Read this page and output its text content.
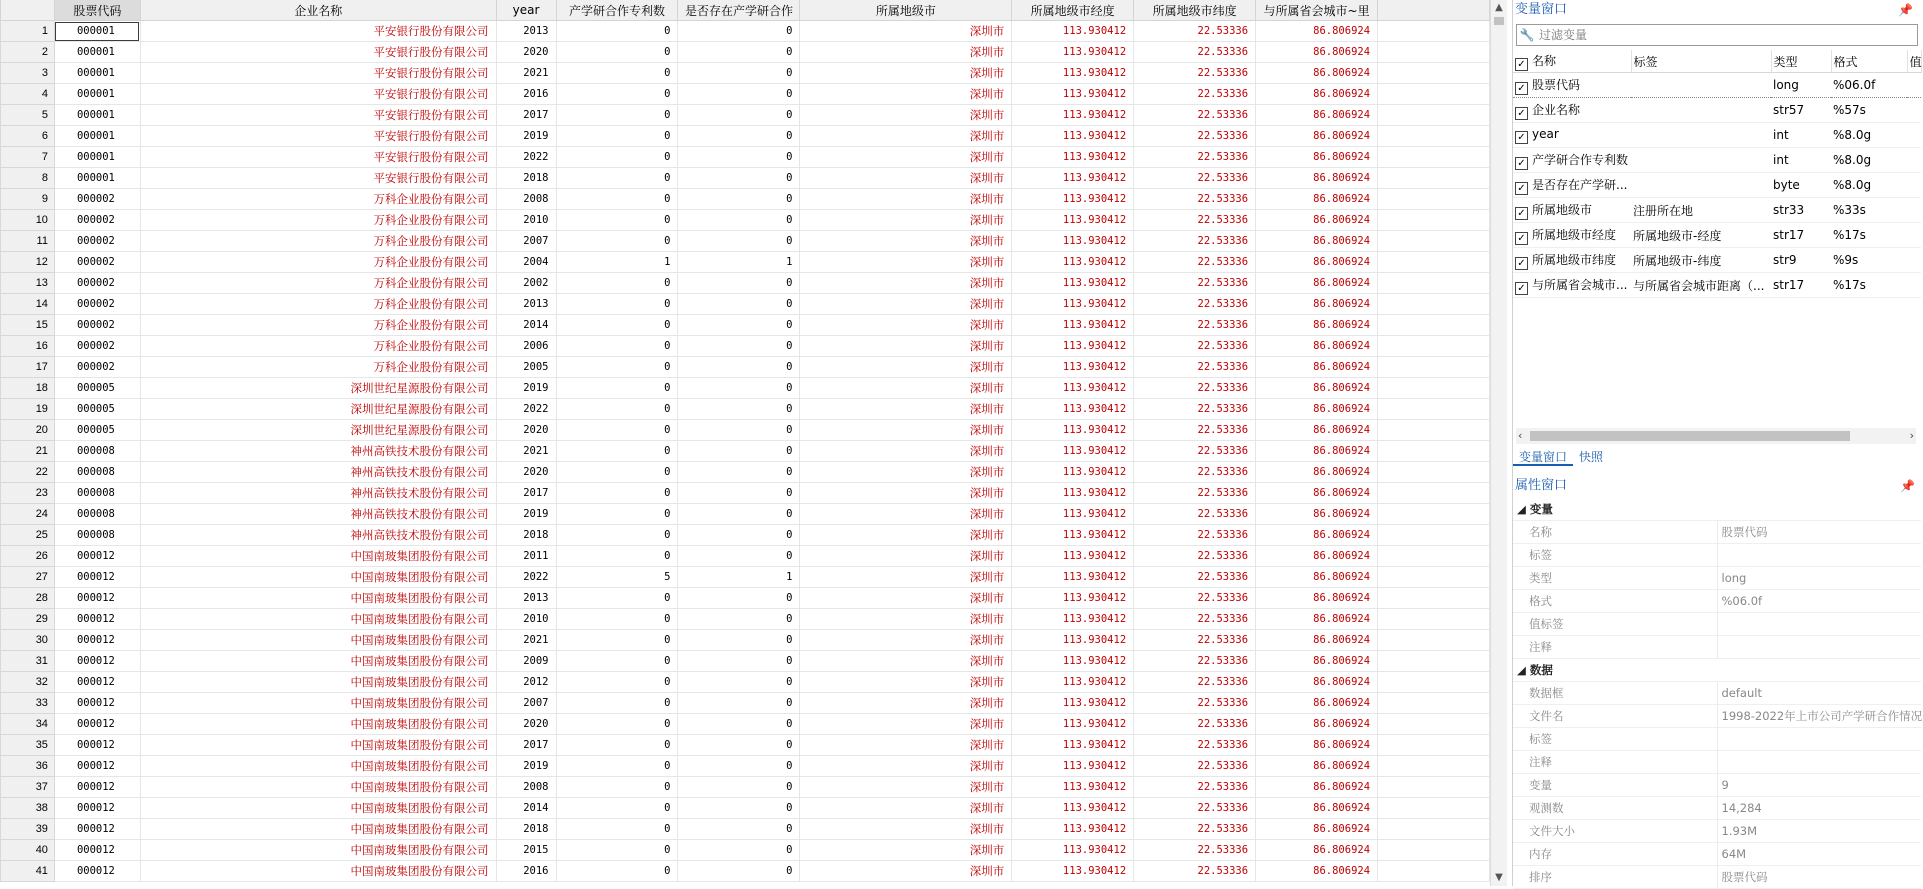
	股票代码	企业名称	year	产学研合作专利数	是否存在产学研合作	所属地级市	所属地级市经度	所属地级市纬度	与所属省会城市~里	
1	000001	平安银行股份有限公司	2013	0	0	深圳市	113.930412	22.53336	86.806924	
2	000001	平安银行股份有限公司	2020	0	0	深圳市	113.930412	22.53336	86.806924	
3	000001	平安银行股份有限公司	2021	0	0	深圳市	113.930412	22.53336	86.806924	
4	000001	平安银行股份有限公司	2016	0	0	深圳市	113.930412	22.53336	86.806924	
5	000001	平安银行股份有限公司	2017	0	0	深圳市	113.930412	22.53336	86.806924	
6	000001	平安银行股份有限公司	2019	0	0	深圳市	113.930412	22.53336	86.806924	
7	000001	平安银行股份有限公司	2022	0	0	深圳市	113.930412	22.53336	86.806924	
8	000001	平安银行股份有限公司	2018	0	0	深圳市	113.930412	22.53336	86.806924	
9	000002	万科企业股份有限公司	2008	0	0	深圳市	113.930412	22.53336	86.806924	
10	000002	万科企业股份有限公司	2010	0	0	深圳市	113.930412	22.53336	86.806924	
11	000002	万科企业股份有限公司	2007	0	0	深圳市	113.930412	22.53336	86.806924	
12	000002	万科企业股份有限公司	2004	1	1	深圳市	113.930412	22.53336	86.806924	
13	000002	万科企业股份有限公司	2002	0	0	深圳市	113.930412	22.53336	86.806924	
14	000002	万科企业股份有限公司	2013	0	0	深圳市	113.930412	22.53336	86.806924	
15	000002	万科企业股份有限公司	2014	0	0	深圳市	113.930412	22.53336	86.806924	
16	000002	万科企业股份有限公司	2006	0	0	深圳市	113.930412	22.53336	86.806924	
17	000002	万科企业股份有限公司	2005	0	0	深圳市	113.930412	22.53336	86.806924	
18	000005	深圳世纪星源股份有限公司	2019	0	0	深圳市	113.930412	22.53336	86.806924	
19	000005	深圳世纪星源股份有限公司	2022	0	0	深圳市	113.930412	22.53336	86.806924	
20	000005	深圳世纪星源股份有限公司	2020	0	0	深圳市	113.930412	22.53336	86.806924	
21	000008	神州高铁技术股份有限公司	2021	0	0	深圳市	113.930412	22.53336	86.806924	
22	000008	神州高铁技术股份有限公司	2020	0	0	深圳市	113.930412	22.53336	86.806924	
23	000008	神州高铁技术股份有限公司	2017	0	0	深圳市	113.930412	22.53336	86.806924	
24	000008	神州高铁技术股份有限公司	2019	0	0	深圳市	113.930412	22.53336	86.806924	
25	000008	神州高铁技术股份有限公司	2018	0	0	深圳市	113.930412	22.53336	86.806924	
26	000012	中国南玻集团股份有限公司	2011	0	0	深圳市	113.930412	22.53336	86.806924	
27	000012	中国南玻集团股份有限公司	2022	5	1	深圳市	113.930412	22.53336	86.806924	
28	000012	中国南玻集团股份有限公司	2013	0	0	深圳市	113.930412	22.53336	86.806924	
29	000012	中国南玻集团股份有限公司	2010	0	0	深圳市	113.930412	22.53336	86.806924	
30	000012	中国南玻集团股份有限公司	2021	0	0	深圳市	113.930412	22.53336	86.806924	
31	000012	中国南玻集团股份有限公司	2009	0	0	深圳市	113.930412	22.53336	86.806924	
32	000012	中国南玻集团股份有限公司	2012	0	0	深圳市	113.930412	22.53336	86.806924	
33	000012	中国南玻集团股份有限公司	2007	0	0	深圳市	113.930412	22.53336	86.806924	
34	000012	中国南玻集团股份有限公司	2020	0	0	深圳市	113.930412	22.53336	86.806924	
35	000012	中国南玻集团股份有限公司	2017	0	0	深圳市	113.930412	22.53336	86.806924	
36	000012	中国南玻集团股份有限公司	2019	0	0	深圳市	113.930412	22.53336	86.806924	
37	000012	中国南玻集团股份有限公司	2008	0	0	深圳市	113.930412	22.53336	86.806924	
38	000012	中国南玻集团股份有限公司	2014	0	0	深圳市	113.930412	22.53336	86.806924	
39	000012	中国南玻集团股份有限公司	2018	0	0	深圳市	113.930412	22.53336	86.806924	
40	000012	中国南玻集团股份有限公司	2015	0	0	深圳市	113.930412	22.53336	86.806924	
41	000012	中国南玻集团股份有限公司	2016	0	0	深圳市	113.930412	22.53336	86.806924	
▲
▼
变量窗口	📌
🔧
过滤变量
✓ 名称	标签	类型	格式	值
✓ 股票代码		long	%06.0f	
✓ 企业名称		str57	%57s	
✓ year		int	%8.0g	
✓ 产学研合作专利数		int	%8.0g	
✓ 是否存在产学研...		byte	%8.0g	
✓ 所属地级市	注册所在地	str33	%33s	
✓ 所属地级市经度	所属地级市-经度	str17	%17s	
✓ 所属地级市纬度	所属地级市-纬度	str9	%9s	
✓ 与所属省会城市...	与所属省会城市距离（...	str17	%17s	
‹	›
变量窗口	快照
属性窗口	📌
◢ 变量	
名称	股票代码
标签	
类型	long
格式	%06.0f
值标签	
注释	
◢ 数据	
数据框	default
文件名	1998-2022年上市公司产学研合作情况
标签	
注释	
变量	9
观测数	14,284
文件大小	1.93M
内存	64M
排序	股票代码
